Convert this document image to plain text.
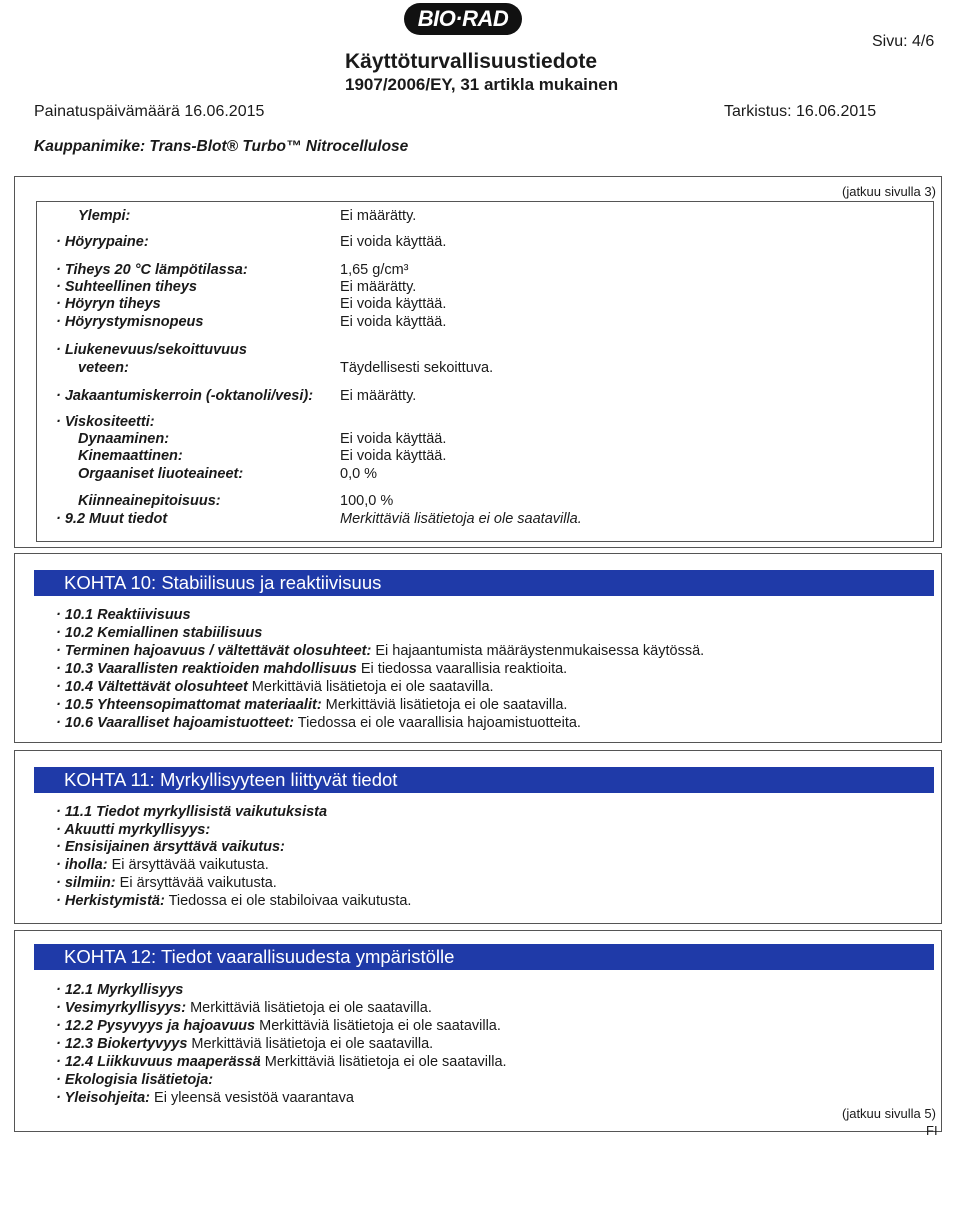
BIO·RAD
Käyttöturvallisuustiedote
1907/2006/EY, 31 artikla mukainen
Sivu: 4/6
Painatuspäivämäärä 16.06.2015	Tarkistus: 16.06.2015
Kauppanimike: Trans-Blot® Turbo™ Nitrocellulose
(jatkuu sivulla 3)
Ylempi:	Ei määrätty.
· Höyrypaine:	Ei voida käyttää.
· Tiheys 20 °C lämpötilassa:	1,65 g/cm³
· Suhteellinen tiheys	Ei määrätty.
· Höyryn tiheys	Ei voida käyttää.
· Höyrystymisnopeus	Ei voida käyttää.
· Liukenevuus/sekoittuvuus
veteen:	Täydellisesti sekoittuva.
· Jakaantumiskerroin (-oktanoli/vesi): Ei määrätty.
· Viskositeetti:
Dynaaminen:	Ei voida käyttää.
Kinemaattinen:	Ei voida käyttää.
Orgaaniset liuoteaineet:	0,0 %
Kiinneainepitoisuus:	100,0 %
· 9.2 Muut tiedot	Merkittäviä lisätietoja ei ole saatavilla.
KOHTA 10: Stabiilisuus ja reaktiivisuus
· 10.1 Reaktiivisuus
· 10.2 Kemiallinen stabiilisuus
· Terminen hajoavuus / vältettävät olosuhteet: Ei hajaantumista määräystenmukaisessa käytössä.
· 10.3 Vaarallisten reaktioiden mahdollisuus Ei tiedossa vaarallisia reaktioita.
· 10.4 Vältettävät olosuhteet Merkittäviä lisätietoja ei ole saatavilla.
· 10.5 Yhteensopimattomat materiaalit: Merkittäviä lisätietoja ei ole saatavilla.
· 10.6 Vaaralliset hajoamistuotteet: Tiedossa ei ole vaarallisia hajoamistuotteita.
KOHTA 11: Myrkyllisyyteen liittyvät tiedot
· 11.1 Tiedot myrkyllisistä vaikutuksista
· Akuutti myrkyllisyys:
· Ensisijainen ärsyttävä vaikutus:
· iholla: Ei ärsyttävää vaikutusta.
· silmiin: Ei ärsyttävää vaikutusta.
· Herkistymistä: Tiedossa ei ole stabiloivaa vaikutusta.
KOHTA 12: Tiedot vaarallisuudesta ympäristölle
· 12.1 Myrkyllisyys
· Vesimyrkyllisyys: Merkittäviä lisätietoja ei ole saatavilla.
· 12.2 Pysyvyys ja hajoavuus Merkittäviä lisätietoja ei ole saatavilla.
· 12.3 Biokertyvyys Merkittäviä lisätietoja ei ole saatavilla.
· 12.4 Liikkuvuus maaperässä Merkittäviä lisätietoja ei ole saatavilla.
· Ekologisia lisätietoja:
· Yleisohjeita: Ei yleensä vesistöä vaarantava
(jatkuu sivulla 5)
FI
